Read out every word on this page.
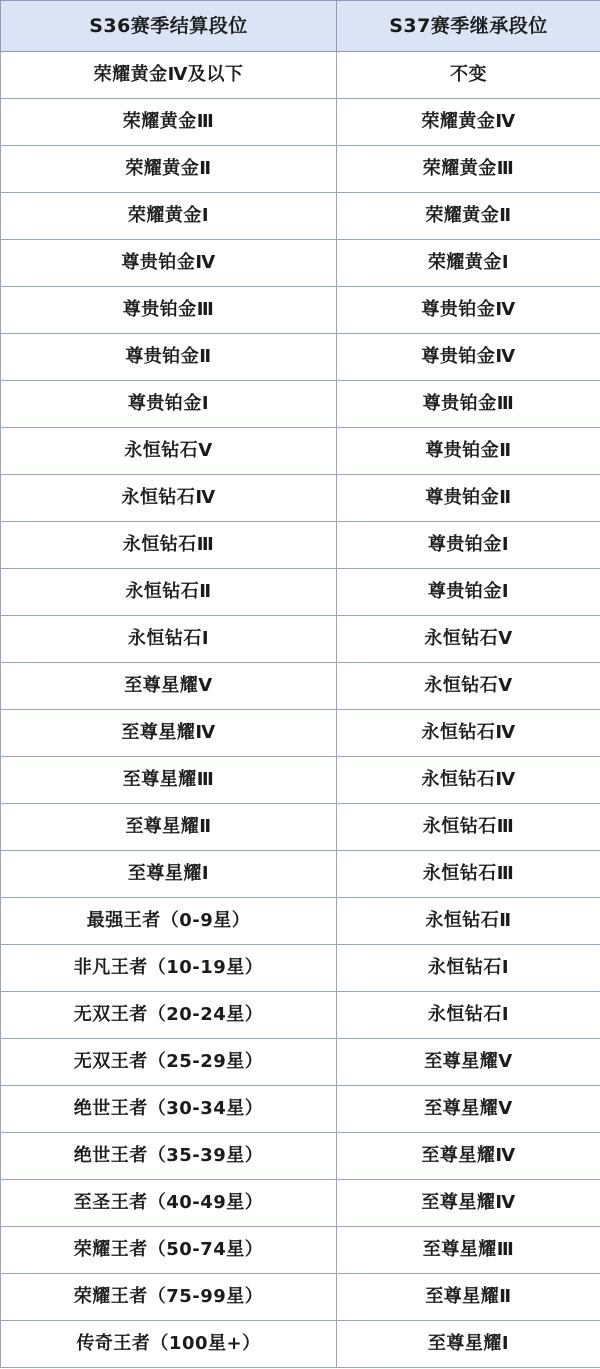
S36赛季结算段位	S37赛季继承段位
荣耀黄金Ⅳ及以下	不变
荣耀黄金Ⅲ	荣耀黄金Ⅳ
荣耀黄金Ⅱ	荣耀黄金Ⅲ
荣耀黄金Ⅰ	荣耀黄金Ⅱ
尊贵铂金Ⅳ	荣耀黄金Ⅰ
尊贵铂金Ⅲ	尊贵铂金Ⅳ
尊贵铂金Ⅱ	尊贵铂金Ⅳ
尊贵铂金Ⅰ	尊贵铂金Ⅲ
永恒钻石Ⅴ	尊贵铂金Ⅱ
永恒钻石Ⅳ	尊贵铂金Ⅱ
永恒钻石Ⅲ	尊贵铂金Ⅰ
永恒钻石Ⅱ	尊贵铂金Ⅰ
永恒钻石Ⅰ	永恒钻石Ⅴ
至尊星耀Ⅴ	永恒钻石Ⅴ
至尊星耀Ⅳ	永恒钻石Ⅳ
至尊星耀Ⅲ	永恒钻石Ⅳ
至尊星耀Ⅱ	永恒钻石Ⅲ
至尊星耀Ⅰ	永恒钻石Ⅲ
最强王者（0-9星）	永恒钻石Ⅱ
非凡王者（10-19星）	永恒钻石Ⅰ
无双王者（20-24星）	永恒钻石Ⅰ
无双王者（25-29星）	至尊星耀Ⅴ
绝世王者（30-34星）	至尊星耀Ⅴ
绝世王者（35-39星）	至尊星耀Ⅳ
至圣王者（40-49星）	至尊星耀Ⅳ
荣耀王者（50-74星）	至尊星耀Ⅲ
荣耀王者（75-99星）	至尊星耀Ⅱ
传奇王者（100星+）	至尊星耀Ⅰ
